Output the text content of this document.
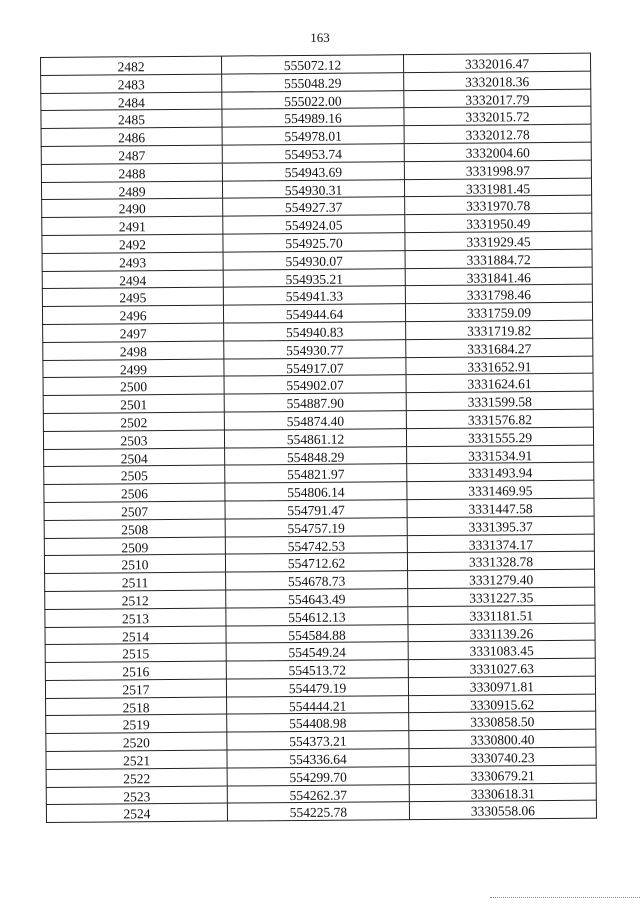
163
2482	555072.12	3332016.47
2483	555048.29	3332018.36
2484	555022.00	3332017.79
2485	554989.16	3332015.72
2486	554978.01	3332012.78
2487	554953.74	3332004.60
2488	554943.69	3331998.97
2489	554930.31	3331981.45
2490	554927.37	3331970.78
2491	554924.05	3331950.49
2492	554925.70	3331929.45
2493	554930.07	3331884.72
2494	554935.21	3331841.46
2495	554941.33	3331798.46
2496	554944.64	3331759.09
2497	554940.83	3331719.82
2498	554930.77	3331684.27
2499	554917.07	3331652.91
2500	554902.07	3331624.61
2501	554887.90	3331599.58
2502	554874.40	3331576.82
2503	554861.12	3331555.29
2504	554848.29	3331534.91
2505	554821.97	3331493.94
2506	554806.14	3331469.95
2507	554791.47	3331447.58
2508	554757.19	3331395.37
2509	554742.53	3331374.17
2510	554712.62	3331328.78
2511	554678.73	3331279.40
2512	554643.49	3331227.35
2513	554612.13	3331181.51
2514	554584.88	3331139.26
2515	554549.24	3331083.45
2516	554513.72	3331027.63
2517	554479.19	3330971.81
2518	554444.21	3330915.62
2519	554408.98	3330858.50
2520	554373.21	3330800.40
2521	554336.64	3330740.23
2522	554299.70	3330679.21
2523	554262.37	3330618.31
2524	554225.78	3330558.06
